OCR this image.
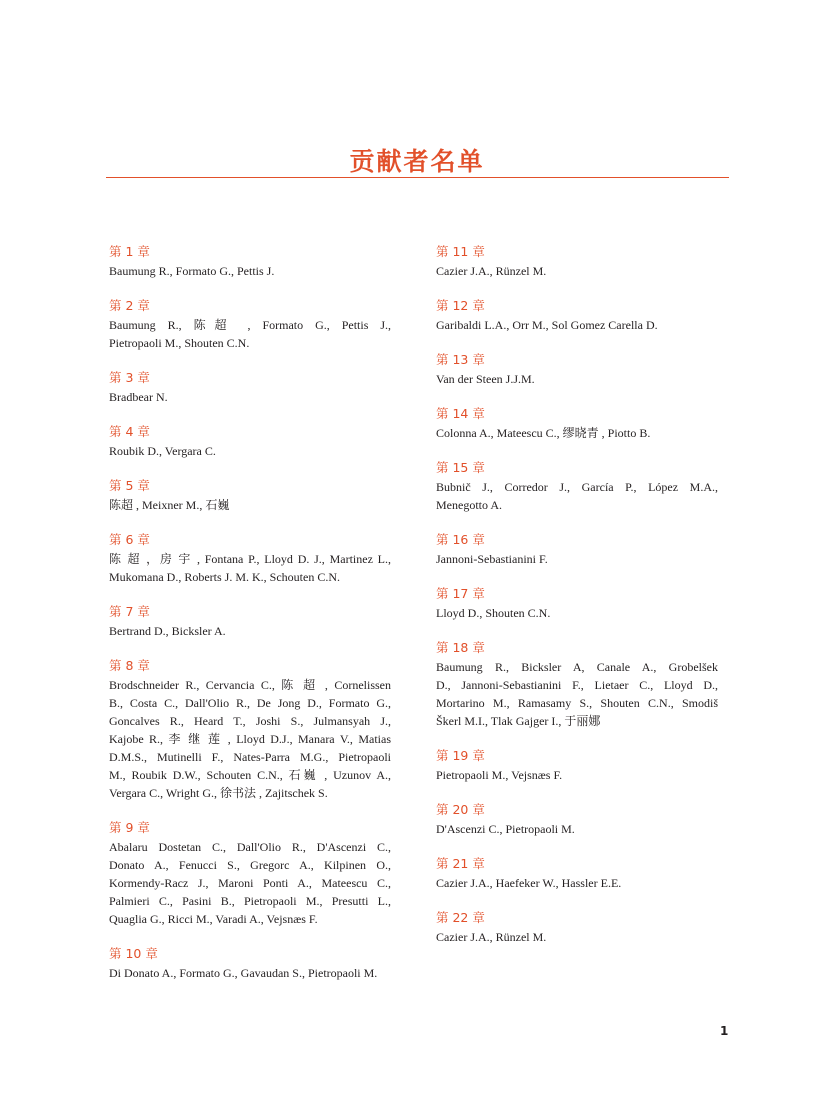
贡献者名单
第 1 章
Baumung R., Formato G., Pettis J.
第 2 章
Baumung R., 陈超 , Formato G., Pettis J.,
Pietropaoli M., Shouten C.N.
第 3 章
Bradbear N.
第 4 章
Roubik D., Vergara C.
第 5 章
陈超 , Meixner M., 石巍
第 6 章
陈 超 ，房 宇 , Fontana P., Lloyd D. J., Martinez L.,
Mukomana D., Roberts J. M. K., Schouten C.N.
第 7 章
Bertrand D., Bicksler A.
第 8 章
Brodschneider R., Cervancia C., 陈 超 , Cornelissen
B., Costa C., Dall'Olio R., De Jong D., Formato G.,
Goncalves R., Heard T., Joshi S., Julmansyah J.,
Kajobe R., 李 继 莲 , Lloyd D.J., Manara V., Matias
D.M.S., Mutinelli F., Nates-Parra M.G., Pietropaoli
M., Roubik D.W., Schouten C.N., 石巍 , Uzunov A.,
Vergara C., Wright G., 徐书法 , Zajitschek S.
第 9 章
Abalaru Dostetan C., Dall'Olio R., D'Ascenzi C.,
Donato A., Fenucci S., Gregorc A., Kilpinen O.,
Kormendy-Racz J., Maroni Ponti A., Mateescu C.,
Palmieri C., Pasini B., Pietropaoli M., Presutti L.,
Quaglia G., Ricci M., Varadi A., Vejsnæs F.
第 10 章
Di Donato A., Formato G., Gavaudan S., Pietropaoli M.
第 11 章
Cazier J.A., Rünzel M.
第 12 章
Garibaldi L.A., Orr M., Sol Gomez Carella D.
第 13 章
Van der Steen J.J.M.
第 14 章
Colonna A., Mateescu C., 缪晓青 , Piotto B.
第 15 章
Bubnič J., Corredor J., García P., López M.A.,
Menegotto A.
第 16 章
Jannoni-Sebastianini F.
第 17 章
Lloyd D., Shouten C.N.
第 18 章
Baumung R., Bicksler A, Canale A., Grobelšek
D., Jannoni-Sebastianini F., Lietaer C., Lloyd D.,
Mortarino M., Ramasamy S., Shouten C.N., Smodiš
Škerl M.I., Tlak Gajger I., 于丽娜
第 19 章
Pietropaoli M., Vejsnæs F.
第 20 章
D'Ascenzi C., Pietropaoli M.
第 21 章
Cazier J.A., Haefeker W., Hassler E.E.
第 22 章
Cazier J.A., Rünzel M.
1
